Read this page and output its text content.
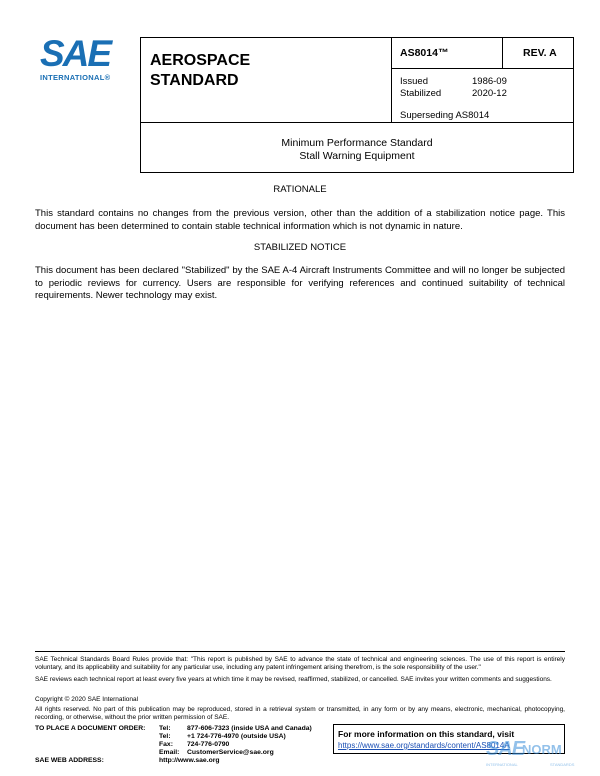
SAE
INTERNATIONAL®
AEROSPACE
STANDARD
AS8014™	REV. A
Issued	1986-09
Stabilized	2020-12
Superseding AS8014
Minimum Performance Standard
Stall Warning Equipment
RATIONALE
This standard contains no changes from the previous version, other than the addition of a stabilization notice page. This document has been determined to contain stable technical information which is not dynamic in nature.
STABILIZED NOTICE
This document has been declared "Stabilized" by the SAE A-4 Aircraft Instruments Committee and will no longer be subjected to periodic reviews for currency. Users are responsible for verifying references and continued suitability of technical requirements. Newer technology may exist.
SAE Technical Standards Board Rules provide that: "This report is published by SAE to advance the state of technical and engineering sciences. The use of this report is entirely voluntary, and its applicability and suitability for any particular use, including any patent infringement arising therefrom, is the sole responsibility of the user."
SAE reviews each technical report at least every five years at which time it may be revised, reaffirmed, stabilized, or cancelled. SAE invites your written comments and suggestions.
Copyright © 2020 SAE International
All rights reserved. No part of this publication may be reproduced, stored in a retrieval system or transmitted, in any form or by any means, electronic, mechanical, photocopying, recording, or otherwise, without the prior written permission of SAE.
TO PLACE A DOCUMENT ORDER: Tel: 877-606-7323 (inside USA and Canada)
Tel: +1 724-776-4970 (outside USA)
Fax: 724-776-0790
Email: CustomerService@sae.org
SAE WEB ADDRESS:	http://www.sae.org
For more information on this standard, visit
https://www.sae.org/standards/content/AS8014A
SAE
NORM
INTERNATIONAL	STANDARDS
